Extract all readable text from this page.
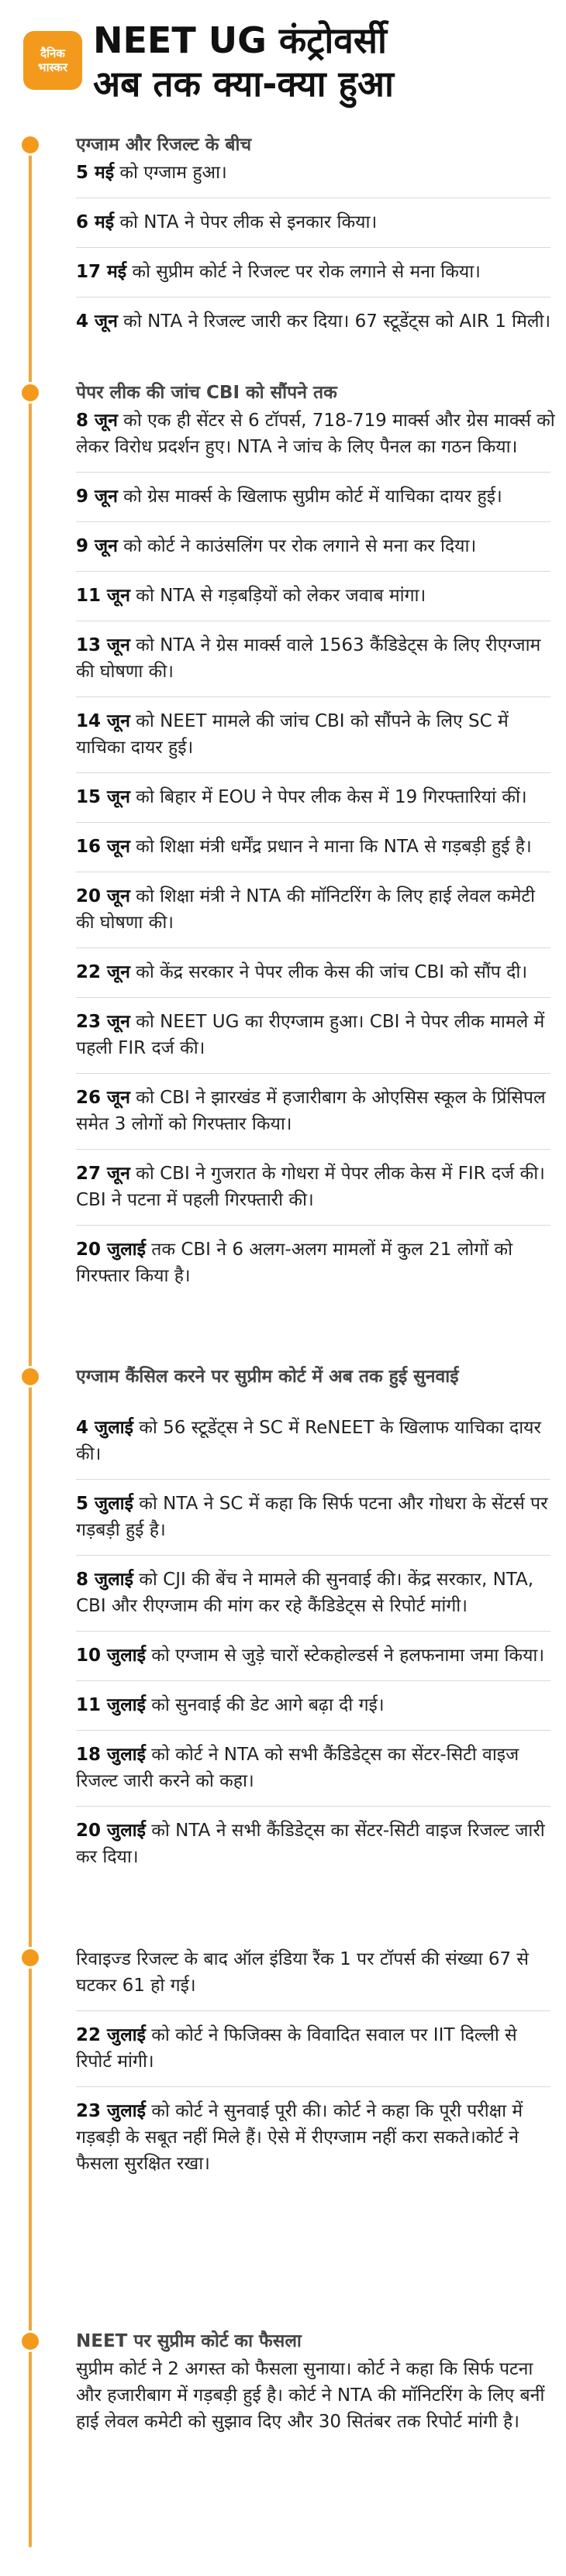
दैनिक
भास्कर
NEET UG कंट्रोवर्सी
अब तक क्या-क्या हुआ
एग्जाम और रिजल्ट के बीच
5 मई को एग्जाम हुआ।
6 मई को NTA ने पेपर लीक से इनकार किया।
17 मई को सुप्रीम कोर्ट ने रिजल्ट पर रोक लगाने से मना किया।
4 जून को NTA ने रिजल्ट जारी कर दिया। 67 स्टूडेंट्स को AIR 1 मिली।
पेपर लीक की जांच CBI को सौंपने तक
8 जून को एक ही सेंटर से 6 टॉपर्स, 718-719 मार्क्स और ग्रेस मार्क्स को लेकर विरोध प्रदर्शन हुए। NTA ने जांच के लिए पैनल का गठन किया।
9 जून को ग्रेस मार्क्स के खिलाफ सुप्रीम कोर्ट में याचिका दायर हुई।
9 जून को कोर्ट ने काउंसलिंग पर रोक लगाने से मना कर दिया।
11 जून को NTA से गड़बड़ियों को लेकर जवाब मांगा।
13 जून को NTA ने ग्रेस मार्क्स वाले 1563 कैंडिडेट्स के लिए रीएग्जाम की घोषणा की।
14 जून को NEET मामले की जांच CBI को सौंपने के लिए SC में याचिका दायर हुई।
15 जून को बिहार में EOU ने पेपर लीक केस में 19 गिरफ्तारियां कीं।
16 जून को शिक्षा मंत्री धर्मेंद्र प्रधान ने माना कि NTA से गड़बड़ी हुई है।
20 जून को शिक्षा मंत्री ने NTA की मॉनिटरिंग के लिए हाई लेवल कमेटी की घोषणा की।
22 जून को केंद्र सरकार ने पेपर लीक केस की जांच CBI को सौंप दी।
23 जून को NEET UG का रीएग्जाम हुआ। CBI ने पेपर लीक मामले में पहली FIR दर्ज की।
26 जून को CBI ने झारखंड में हजारीबाग के ओएसिस स्कूल के प्रिंसिपल समेत 3 लोगों को गिरफ्तार किया।
27 जून को CBI ने गुजरात के गोधरा में पेपर लीक केस में FIR दर्ज की। CBI ने पटना में पहली गिरफ्तारी की।
20 जुलाई तक CBI ने 6 अलग-अलग मामलों में कुल 21 लोगों को गिरफ्तार किया है।
एग्जाम कैंसिल करने पर सुप्रीम कोर्ट में अब तक हुई सुनवाई
4 जुलाई को 56 स्टूडेंट्स ने SC में ReNEET के खिलाफ याचिका दायर की।
5 जुलाई को NTA ने SC में कहा कि सिर्फ पटना और गोधरा के सेंटर्स पर गड़बड़ी हुई है।
8 जुलाई को CJI की बेंच ने मामले की सुनवाई की। केंद्र सरकार, NTA, CBI और रीएग्जाम की मांग कर रहे कैंडिडेट्स से रिपोर्ट मांगी।
10 जुलाई को एग्जाम से जुड़े चारों स्टेकहोल्डर्स ने हलफनामा जमा किया।
11 जुलाई को सुनवाई की डेट आगे बढ़ा दी गई।
18 जुलाई को कोर्ट ने NTA को सभी कैंडिडेट्स का सेंटर-सिटी वाइज रिजल्ट जारी करने को कहा।
20 जुलाई को NTA ने सभी कैंडिडेट्स का सेंटर-सिटी वाइज रिजल्ट जारी कर दिया।
रिवाइज्ड रिजल्ट के बाद ऑल इंडिया रैंक 1 पर टॉपर्स की संख्या 67 से घटकर 61 हो गई।
22 जुलाई को कोर्ट ने फिजिक्स के विवादित सवाल पर IIT दिल्ली से रिपोर्ट मांगी।
23 जुलाई को कोर्ट ने सुनवाई पूरी की। कोर्ट ने कहा कि पूरी परीक्षा में गड़बड़ी के सबूत नहीं मिले हैं। ऐसे में रीएग्जाम नहीं करा सकते।कोर्ट ने फैसला सुरक्षित रखा।
NEET पर सुप्रीम कोर्ट का फैसला
सुप्रीम कोर्ट ने 2 अगस्त को फैसला सुनाया। कोर्ट ने कहा कि सिर्फ पटना और हजारीबाग में गड़बड़ी हुई है। कोर्ट ने NTA की मॉनिटरिंग के लिए बनीं हाई लेवल कमेटी को सुझाव दिए और 30 सितंबर तक रिपोर्ट मांगी है।
